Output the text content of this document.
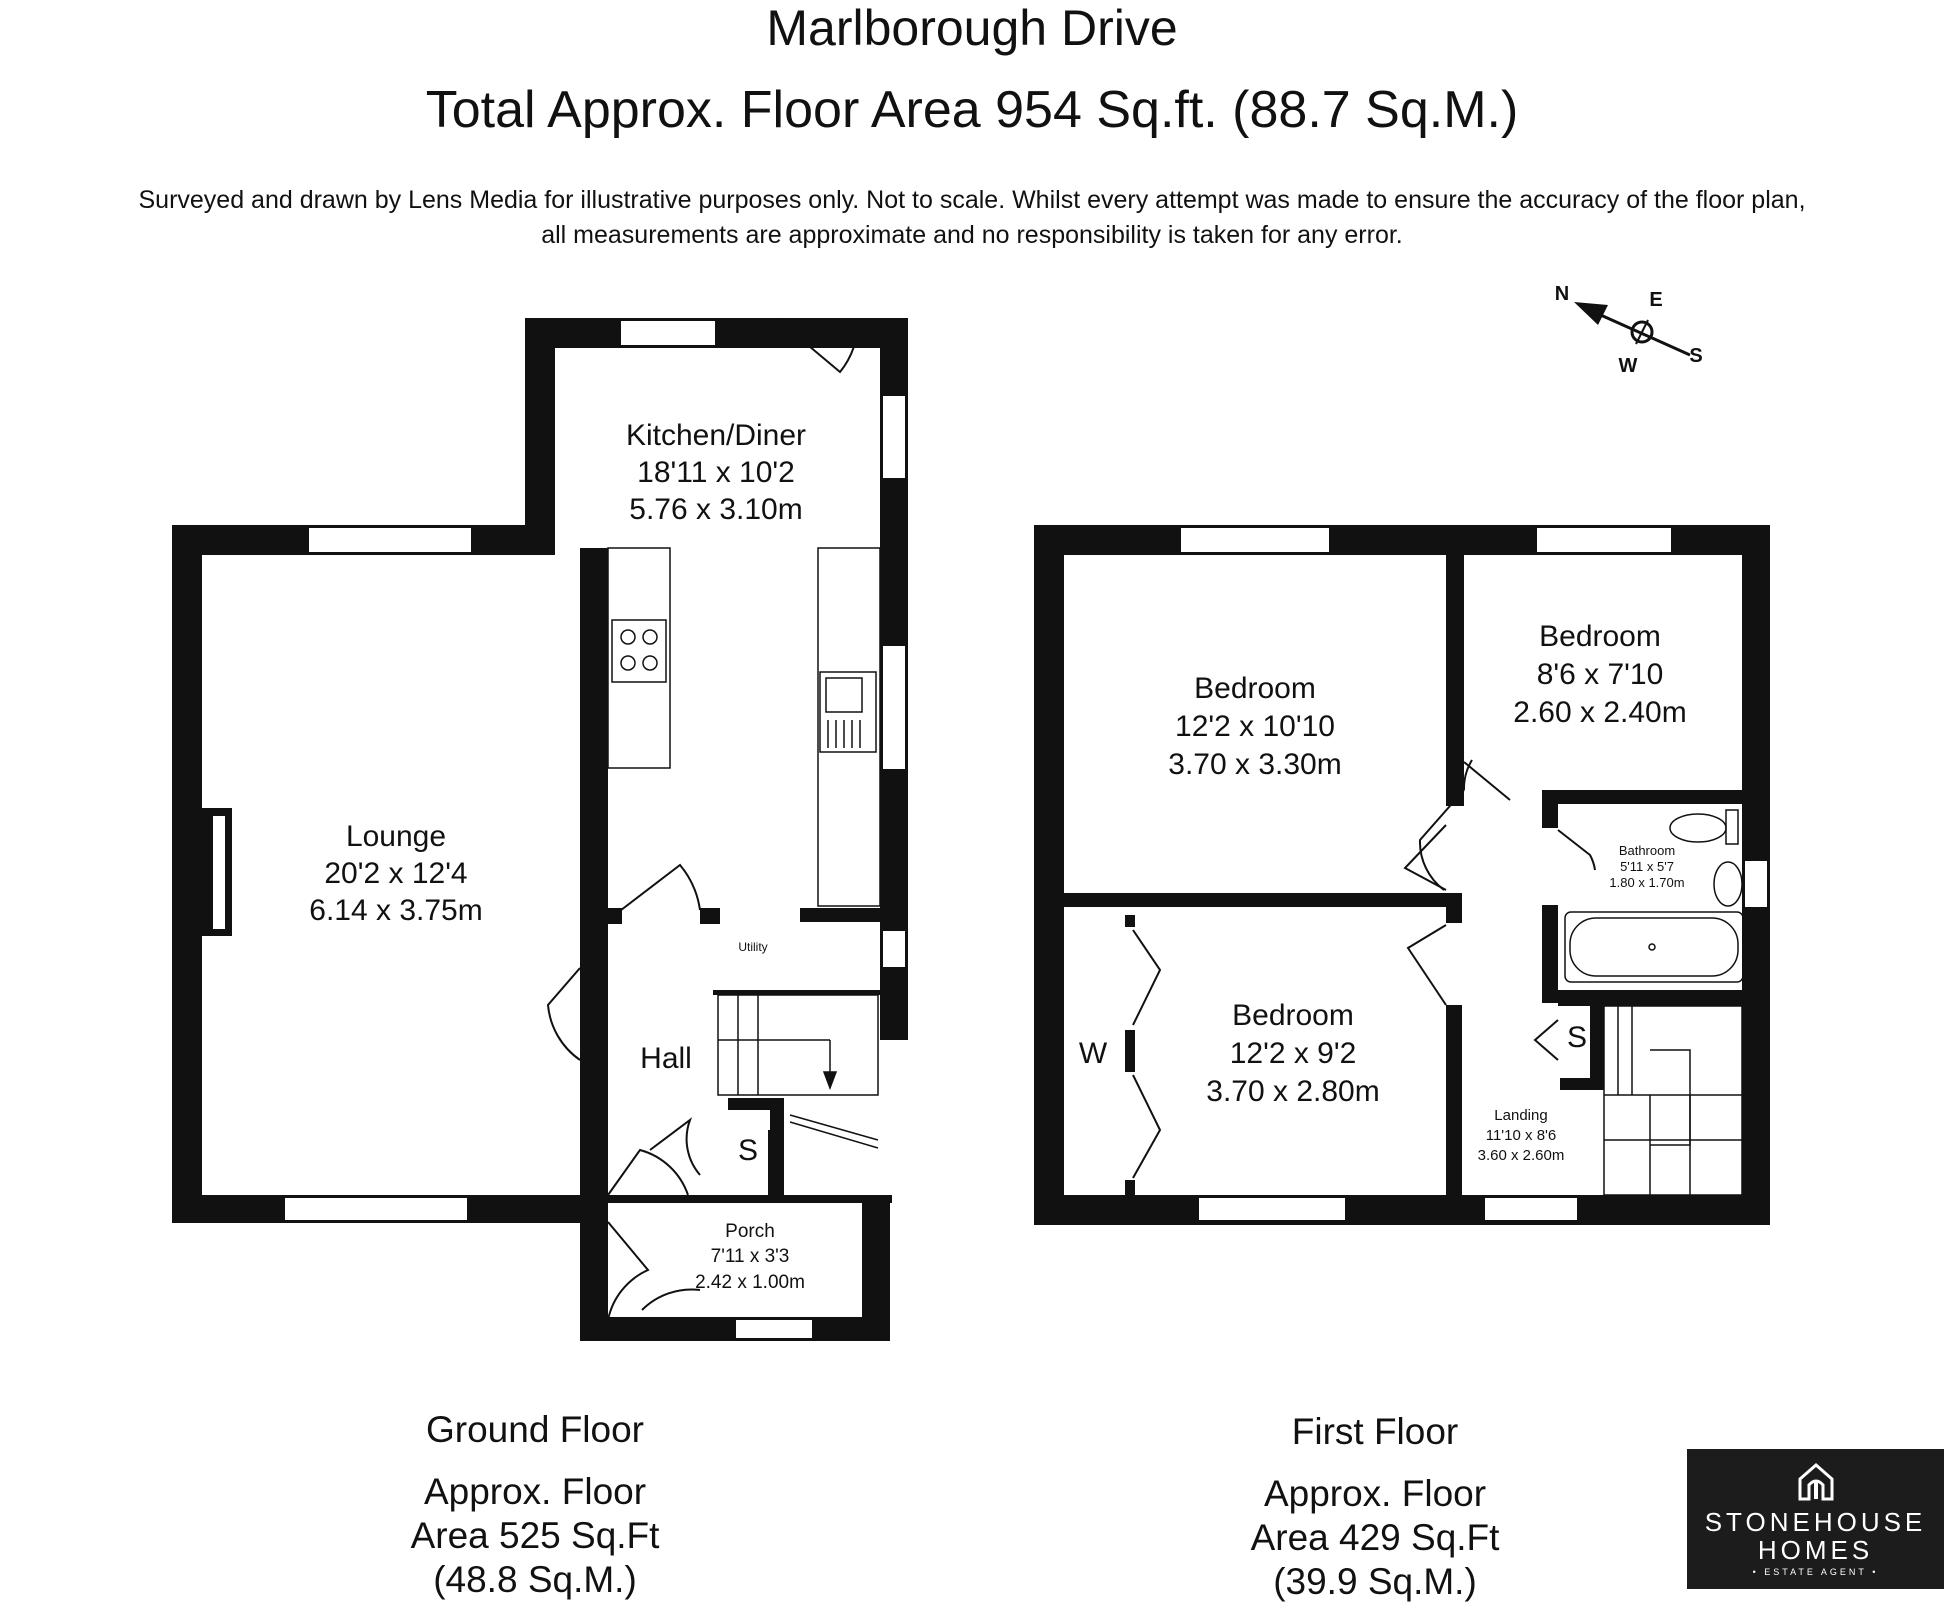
Marlborough Drive
Total Approx. Floor Area 954 Sq.ft. (88.7 Sq.M.)
Surveyed and drawn by Lens Media for illustrative purposes only. Not to scale. Whilst every attempt was made to ensure the accuracy of the floor plan,
all measurements are approximate and no responsibility is taken for any error.
N	E
S
W
Kitchen/Diner
18'11 x 10'2
5.76 x 3.10m
Lounge
20'2 x 12'4
6.14 x 3.75m
Hall
Utility
S
Porch
7'11 x 3'3
2.42 x 1.00m
Bedroom
12'2 x 10'10
3.70 x 3.30m
Bedroom
8'6 x 7'10
2.60 x 2.40m
Bathroom
5'11 x 5'7
1.80 x 1.70m
Bedroom
12'2 x 9'2
3.70 x 2.80m
W	S
Landing
11'10 x 8'6
3.60 x 2.60m
Ground Floor
Approx. Floor
Area 525 Sq.Ft
(48.8 Sq.M.)
First Floor
Approx. Floor
Area 429 Sq.Ft
(39.9 Sq.M.)
STONEHOUSE
HOMES
• ESTATE AGENT •
